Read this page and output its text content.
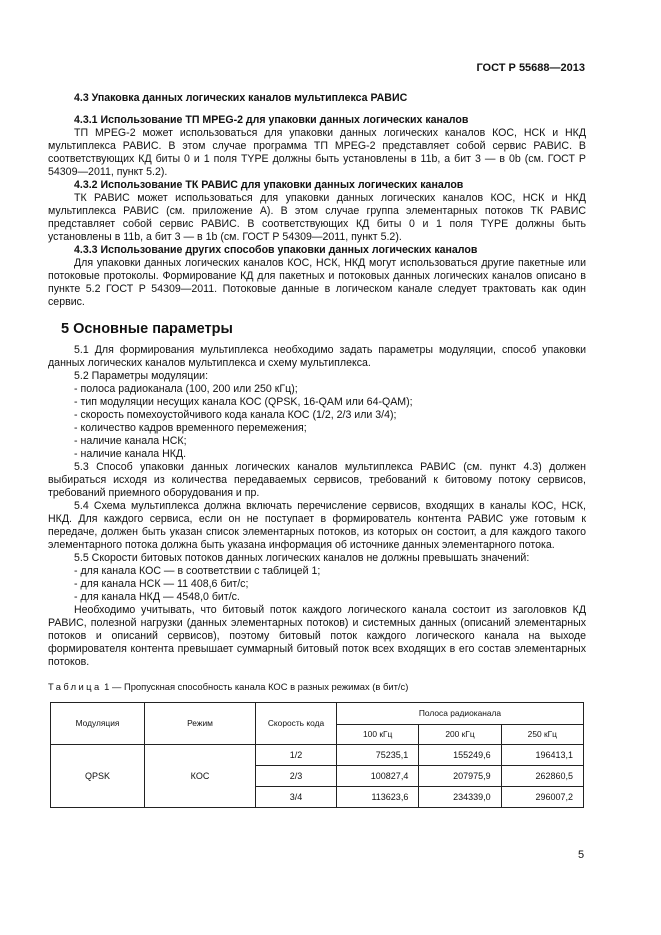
ГОСТ Р 55688—2013
4.3 Упаковка данных логических каналов мультиплекса РАВИС
4.3.1 Использование ТП MPEG-2 для упаковки данных логических каналов

ТП MPEG-2 может использоваться для упаковки данных логических каналов КОС, НСК и НКД мультиплекса РАВИС. В этом случае программа ТП MPEG-2 представляет собой сервис РАВИС. В соответствующих КД биты 0 и 1 поля TYPE должны быть установлены в 11b, а бит 3 — в 0b (см. ГОСТ Р 54309—2011, пункт 5.2).

4.3.2 Использование ТК РАВИС для упаковки данных логических каналов

ТК РАВИС может использоваться для упаковки данных логических каналов КОС, НСК и НКД мультиплекса РАВИС (см. приложение А). В этом случае группа элементарных потоков ТК РАВИС представляет собой сервис РАВИС. В соответствующих КД биты 0 и 1 поля TYPE должны быть установлены в 11b, а бит 3 — в 1b (см. ГОСТ Р 54309—2011, пункт 5.2).

4.3.3 Использование других способов упаковки данных логических каналов

Для упаковки данных логических каналов КОС, НСК, НКД могут использоваться другие пакетные или потоковые протоколы. Формирование КД для пакетных и потоковых данных логических каналов описано в пункте 5.2 ГОСТ Р 54309—2011. Потоковые данные в логическом канале следует трактовать как один сервис.

5 Основные параметры

5.1 Для формирования мультиплекса необходимо задать параметры модуляции, способ упаковки данных логических каналов мультиплекса и схему мультиплекса.

5.2 Параметры модуляции:

- полоса радиоканала (100, 200 или 250 кГц);
- тип модуляции несущих канала КОС (QPSK, 16-QAM или 64-QAM);
- скорость помехоустойчивого кода канала КОС (1/2, 2/3 или 3/4);
- количество кадров временного перемежения;
- наличие канала НСК;
- наличие канала НКД.

5.3 Способ упаковки данных логических каналов мультиплекса РАВИС (см. пункт 4.3) должен выбираться исходя из количества передаваемых сервисов, требований к битовому потоку сервисов, требований приемного оборудования и пр.

5.4 Схема мультиплекса должна включать перечисление сервисов, входящих в каналы КОС, НСК, НКД. Для каждого сервиса, если он не поступает в формирователь контента РАВИС уже готовым к передаче, должен быть указан список элементарных потоков, из которых он состоит, а для каждого такого элементарного потока должна быть указана информация об источнике данных элементарного потока.

5.5 Скорости битовых потоков данных логических каналов не должны превышать значений:

- для канала КОС — в соответствии с таблицей 1;
- для канала НСК — 11 408,6 бит/с;
- для канала НКД — 4548,0 бит/с.

Необходимо учитывать, что битовый поток каждого логического канала состоит из заголовков КД РАВИС, полезной нагрузки (данных элементарных потоков) и системных данных (описаний элементарных потоков и описаний сервисов), поэтому битовый поток каждого логического канала на выходе формирователя контента превышает суммарный битовый поток всех входящих в его состав элементарных потоков.

Таблица 1 — Пропускная способность канала КОС в разных режимах (в бит/с)
Модуляция	Режим	Скорость кода	Полоса радиоканала		
			100 кГц	200 кГц	250 кГц
QPSK	КОС	1/2	75235,1	155249,6	196413,1
		2/3	100827,4	207975,9	262860,5
		3/4	113623,6	234339,0	296007,2
5
